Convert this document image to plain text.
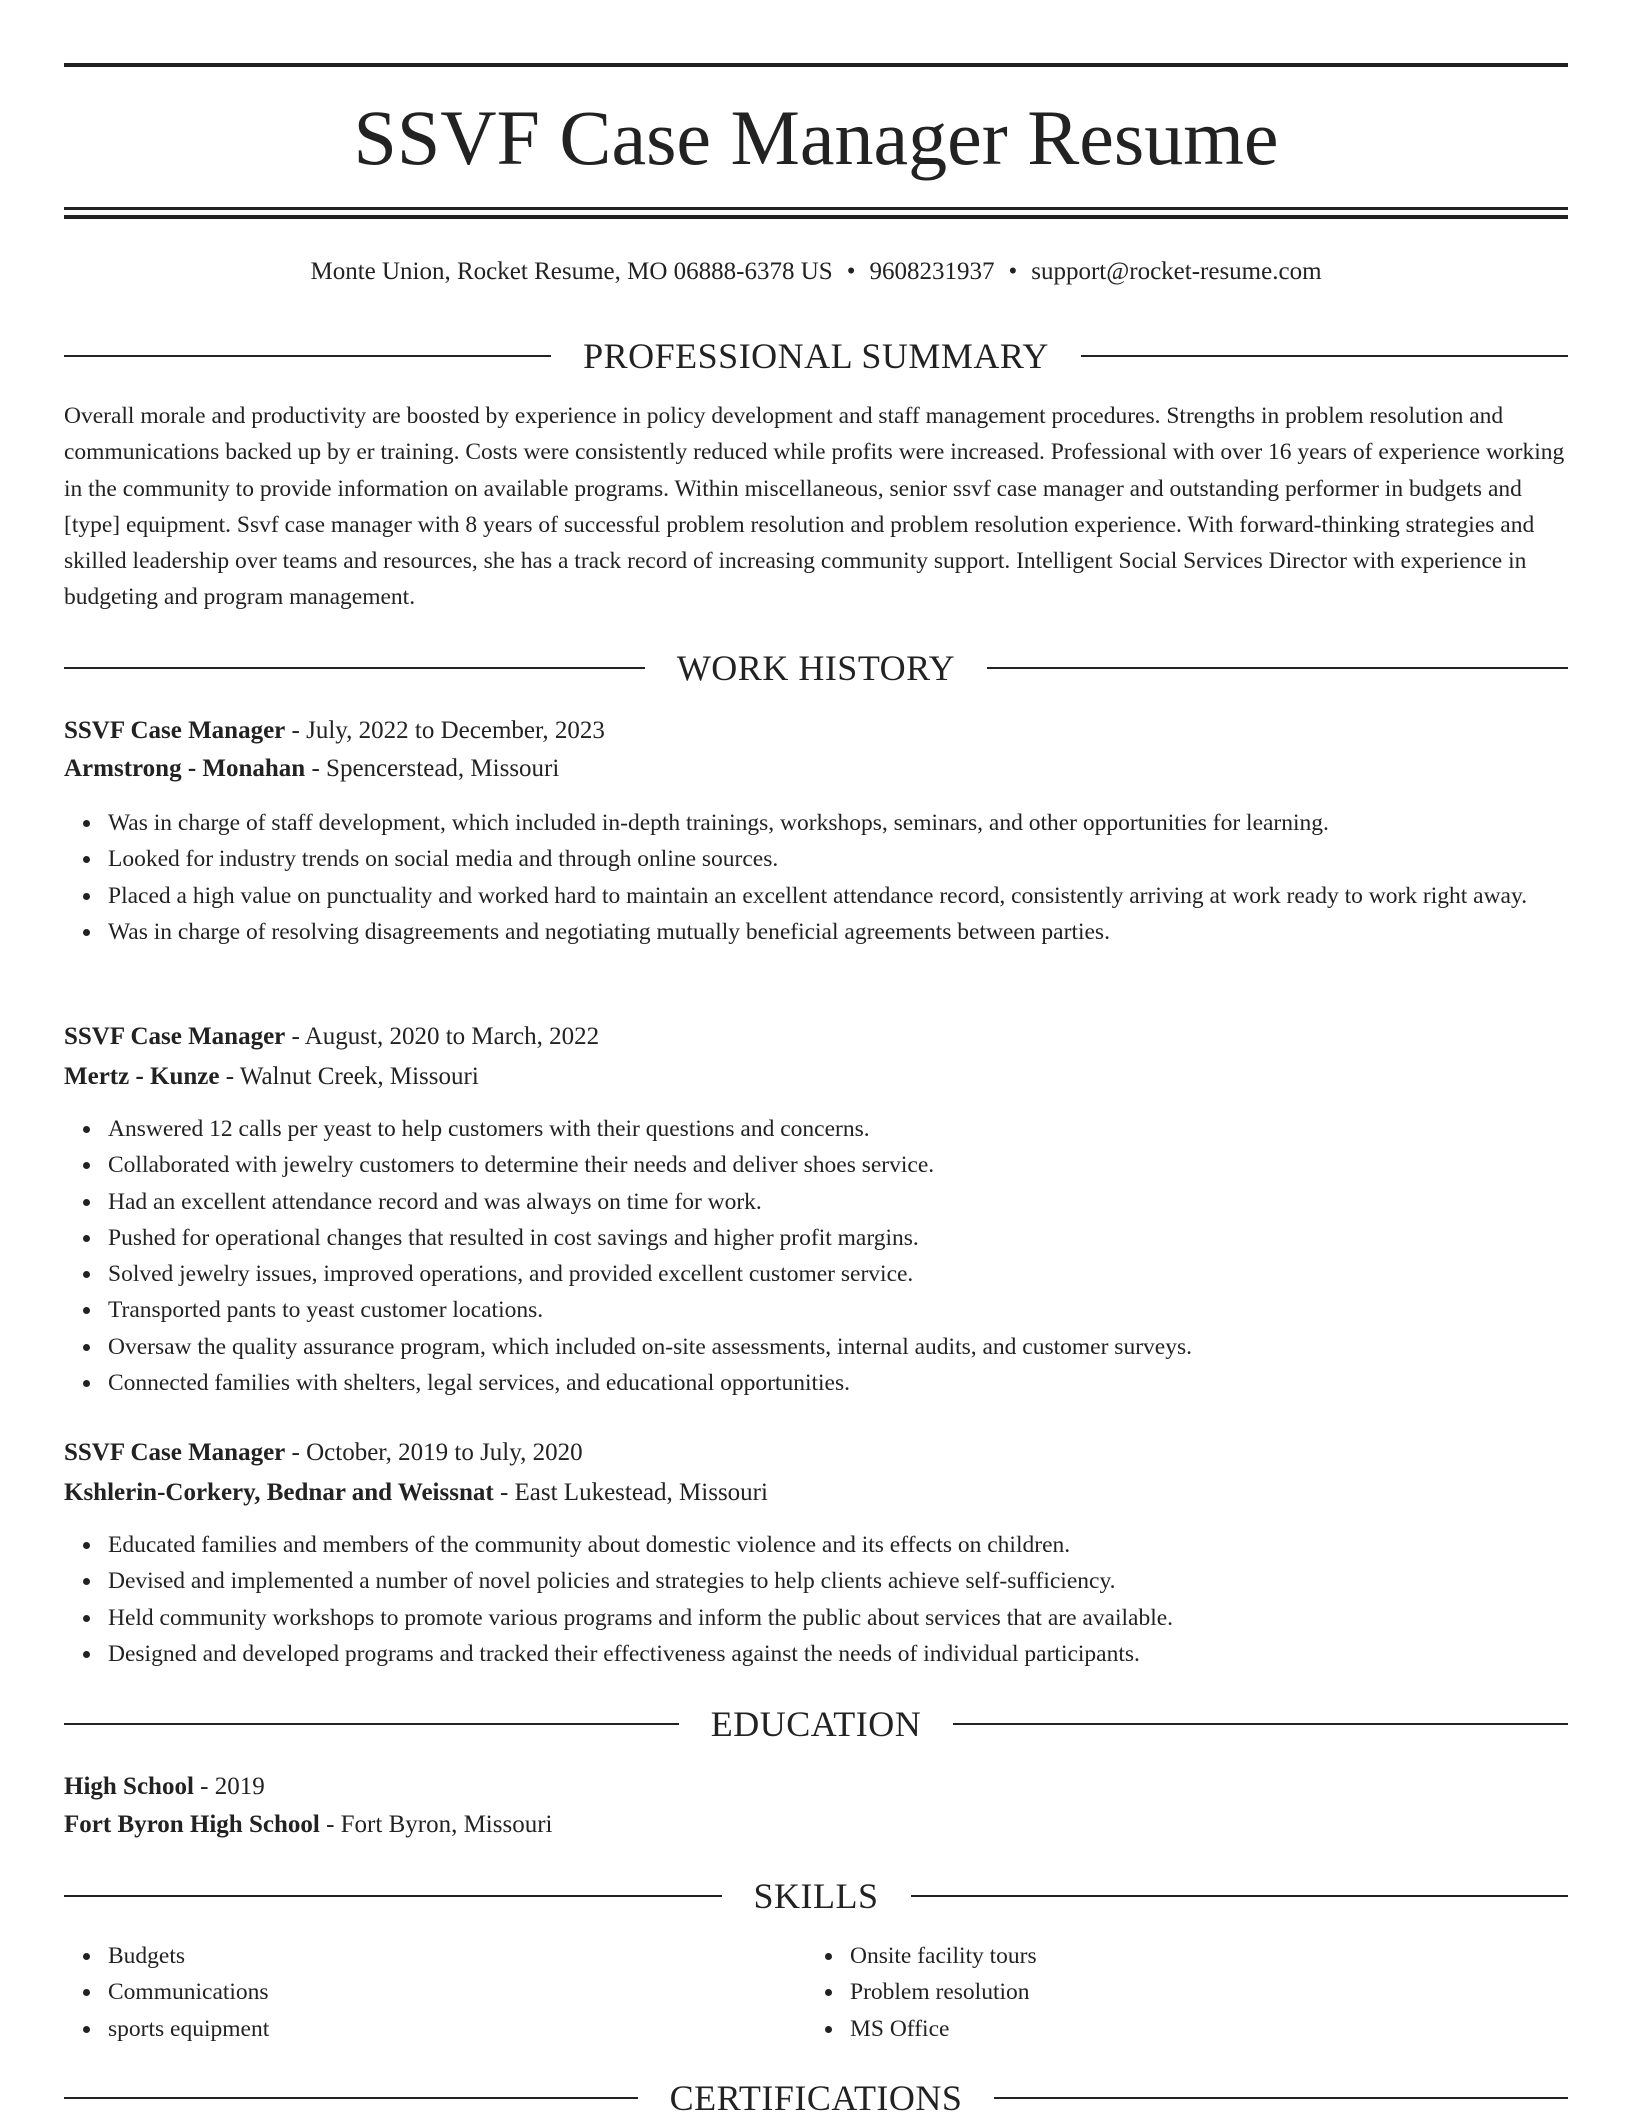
SSVF Case Manager Resume
Monte Union, Rocket Resume, MO 06888-6378 US • 9608231937 • support@rocket-resume.com
PROFESSIONAL SUMMARY

Overall morale and productivity are boosted by experience in policy development and staff management procedures. Strengths in problem resolution and communications backed up by er training. Costs were consistently reduced while profits were increased. Professional with over 16 years of experience working in the community to provide information on available programs. Within miscellaneous, senior ssvf case manager and outstanding performer in budgets and [type] equipment. Ssvf case manager with 8 years of successful problem resolution and problem resolution experience. With forward-thinking strategies and skilled leadership over teams and resources, she has a track record of increasing community support. Intelligent Social Services Director with experience in budgeting and program management.

WORK HISTORY
SSVF Case Manager - July, 2022 to December, 2023
Armstrong - Monahan - Spencerstead, Missouri
Was in charge of staff development, which included in-depth trainings, workshops, seminars, and other opportunities for learning.
Looked for industry trends on social media and through online sources.
Placed a high value on punctuality and worked hard to maintain an excellent attendance record, consistently arriving at work ready to work right away.
Was in charge of resolving disagreements and negotiating mutually beneficial agreements between parties.
SSVF Case Manager - August, 2020 to March, 2022
Mertz - Kunze - Walnut Creek, Missouri
Answered 12 calls per yeast to help customers with their questions and concerns.
Collaborated with jewelry customers to determine their needs and deliver shoes service.
Had an excellent attendance record and was always on time for work.
Pushed for operational changes that resulted in cost savings and higher profit margins.
Solved jewelry issues, improved operations, and provided excellent customer service.
Transported pants to yeast customer locations.
Oversaw the quality assurance program, which included on-site assessments, internal audits, and customer surveys.
Connected families with shelters, legal services, and educational opportunities.
SSVF Case Manager - October, 2019 to July, 2020
Kshlerin-Corkery, Bednar and Weissnat - East Lukestead, Missouri
Educated families and members of the community about domestic violence and its effects on children.
Devised and implemented a number of novel policies and strategies to help clients achieve self-sufficiency.
Held community workshops to promote various programs and inform the public about services that are available.
Designed and developed programs and tracked their effectiveness against the needs of individual participants.
EDUCATION
High School - 2019
Fort Byron High School - Fort Byron, Missouri
SKILLS
Budgets
Communications
sports equipment
Onsite facility tours
Problem resolution
MS Office
CERTIFICATIONS
